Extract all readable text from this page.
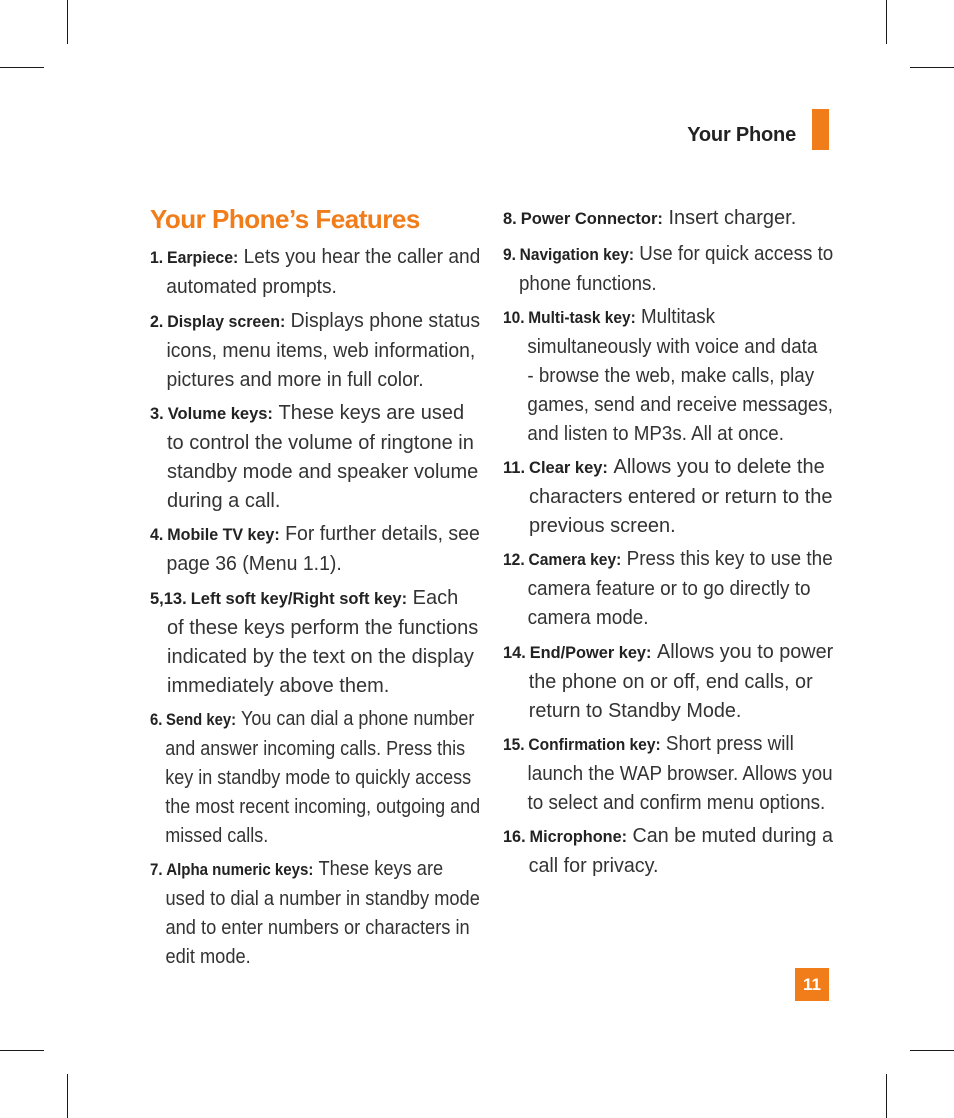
Your Phone
Your Phone’s Features
1. Earpiece: Lets you hear the caller and
automated prompts.
2. Display screen: Displays phone status
icons, menu items, web information,
pictures and more in full color.
3. Volume keys: These keys are used
to control the volume of ringtone in
standby mode and speaker volume
during a call.
4. Mobile TV key: For further details, see
page 36 (Menu 1.1).
5,13. Left soft key/Right soft key: Each
of these keys perform the functions
indicated by the text on the display
immediately above them.
6. Send key: You can dial a phone number
and answer incoming calls. Press this
key in standby mode to quickly access
the most recent incoming, outgoing and
missed calls.
7. Alpha numeric keys: These keys are
used to dial a number in standby mode
and to enter numbers or characters in
edit mode.
8. Power Connector: Insert charger.
9. Navigation key: Use for quick access to
phone functions.
10. Multi-task key: Multitask
simultaneously with voice and data
- browse the web, make calls, play
games, send and receive messages,
and listen to MP3s. All at once.
11. Clear key: Allows you to delete the
characters entered or return to the
previous screen.
12. Camera key: Press this key to use the
camera feature or to go directly to
camera mode.
14. End/Power key: Allows you to power
the phone on or off, end calls, or
return to Standby Mode.
15. Confirmation key: Short press will
launch the WAP browser. Allows you
to select and confirm menu options.
16. Microphone: Can be muted during a
call for privacy.
11
